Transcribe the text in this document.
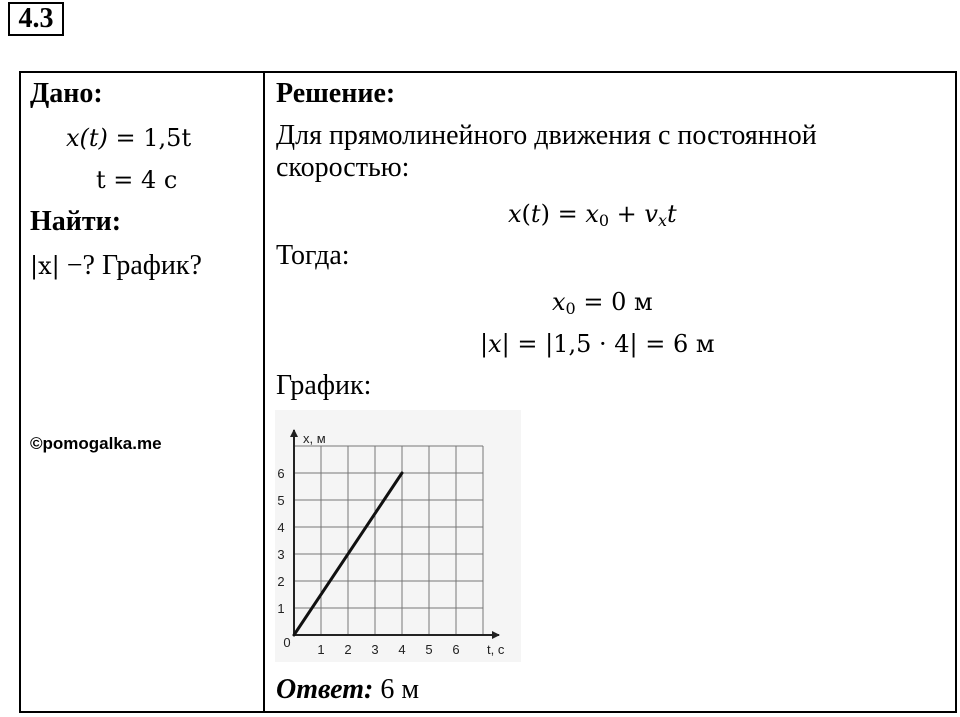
4.3
Дано:
x(t) = 1,5t
t = 4 с
Найти:
|x| −? График?
©pomogalka.me
Решение:
Для прямолинейного движения с постоянной
скоростью:
$x(t) = x_0 + v_xt$
Тогда:
$x_0 = 0$ м
|x| = |1,5 · 4| = 6 м
График:
1 2 3 4 5 6
1
2
3
4
5
6
0	t, c
x, м
Ответ: 6 м
